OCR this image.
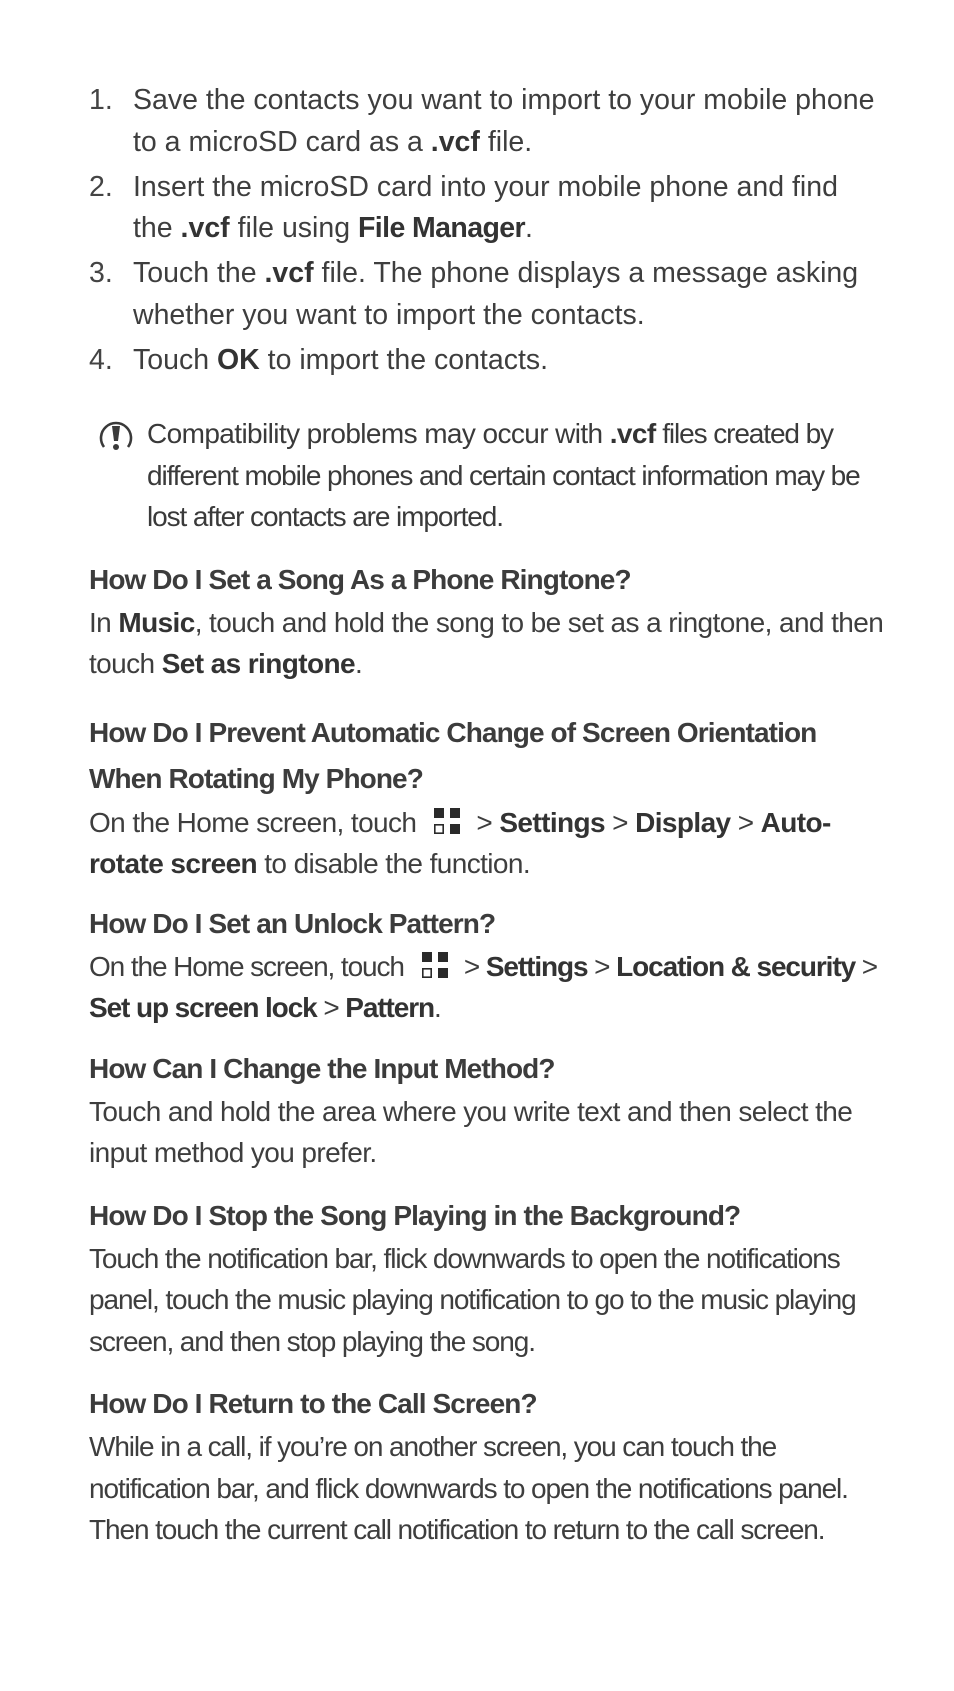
1. Save the contacts you want to import to your mobile phone to a microSD card as a .vcf file.
2. Insert the microSD card into your mobile phone and find the .vcf file using File Manager.
3. Touch the .vcf file. The phone displays a message asking whether you want to import the contacts.
4. Touch OK to import the contacts.

Compatibility problems may occur with .vcf files created by different mobile phones and certain contact information may be lost after contacts are imported.

How Do I Set a Song As a Phone Ringtone?

In Music, touch and hold the song to be set as a ringtone, and then touch Set as ringtone.

How Do I Prevent Automatic Change of Screen Orientation When Rotating My Phone?

On the Home screen, touch > Settings > Display > Auto-rotate screen to disable the function.

How Do I Set an Unlock Pattern?

On the Home screen, touch > Settings > Location & security > Set up screen lock > Pattern.

How Can I Change the Input Method?

Touch and hold the area where you write text and then select the input method you prefer.

How Do I Stop the Song Playing in the Background?

Touch the notification bar, flick downwards to open the notifications panel, touch the music playing notification to go to the music playing screen, and then stop playing the song.

How Do I Return to the Call Screen?

While in a call, if you’re on another screen, you can touch the notification bar, and flick downwards to open the notifications panel. Then touch the current call notification to return to the call screen.
